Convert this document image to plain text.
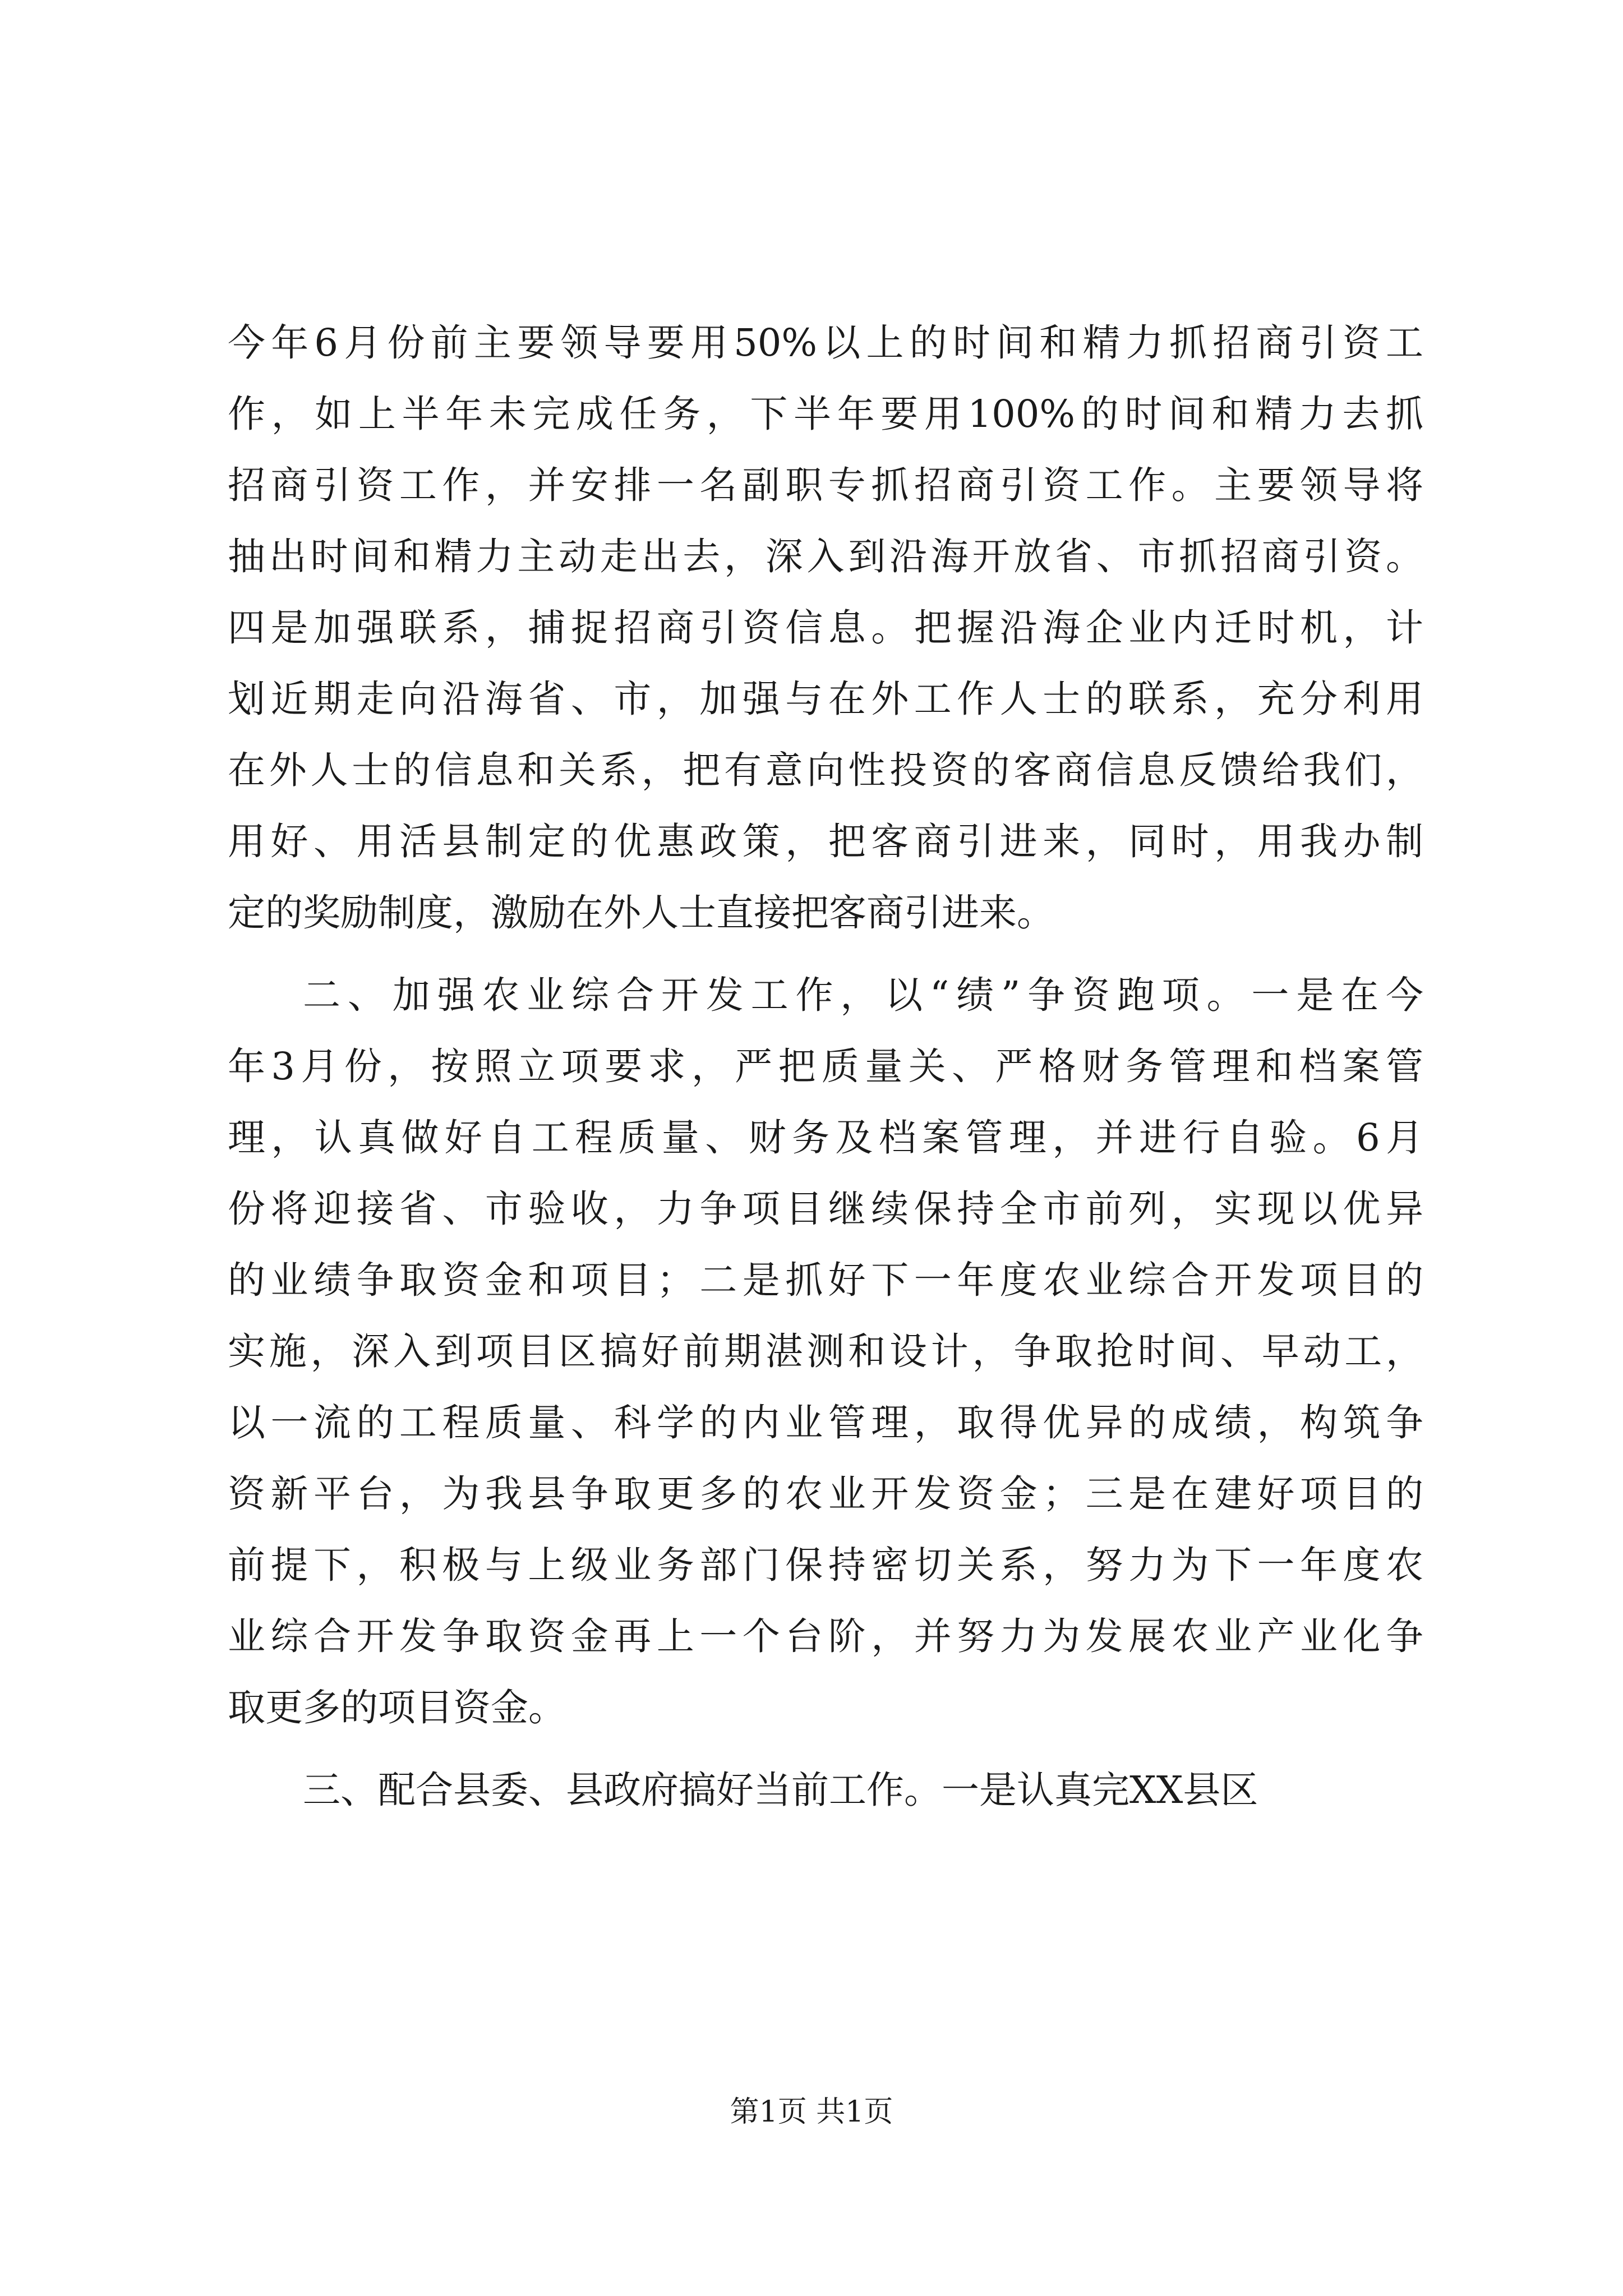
今年6月份前主要领导要用50%以上的时间和精力抓招商引资工
作，如上半年未完成任务，下半年要用100%的时间和精力去抓
招商引资工作，并安排一名副职专抓招商引资工作。主要领导将
抽出时间和精力主动走出去，深入到沿海开放省、市抓招商引资。
四是加强联系，捕捉招商引资信息。把握沿海企业内迁时机，计
划近期走向沿海省、市，加强与在外工作人士的联系，充分利用
在外人士的信息和关系，把有意向性投资的客商信息反馈给我们，
用好、用活县制定的优惠政策，把客商引进来，同时，用我办制
定的奖励制度，激励在外人士直接把客商引进来。
二、加强农业综合开发工作，以“绩”争资跑项。一是在今
年3月份，按照立项要求，严把质量关、严格财务管理和档案管
理，认真做好自工程质量、财务及档案管理，并进行自验。6月
份将迎接省、市验收，力争项目继续保持全市前列，实现以优异
的业绩争取资金和项目；二是抓好下一年度农业综合开发项目的
实施，深入到项目区搞好前期湛测和设计，争取抢时间、早动工，
以一流的工程质量、科学的内业管理，取得优异的成绩，构筑争
资新平台，为我县争取更多的农业开发资金；三是在建好项目的
前提下，积极与上级业务部门保持密切关系，努力为下一年度农
业综合开发争取资金再上一个台阶，并努力为发展农业产业化争
取更多的项目资金。
三、配合县委、县政府搞好当前工作。一是认真完XX县区
第1页 共1页
